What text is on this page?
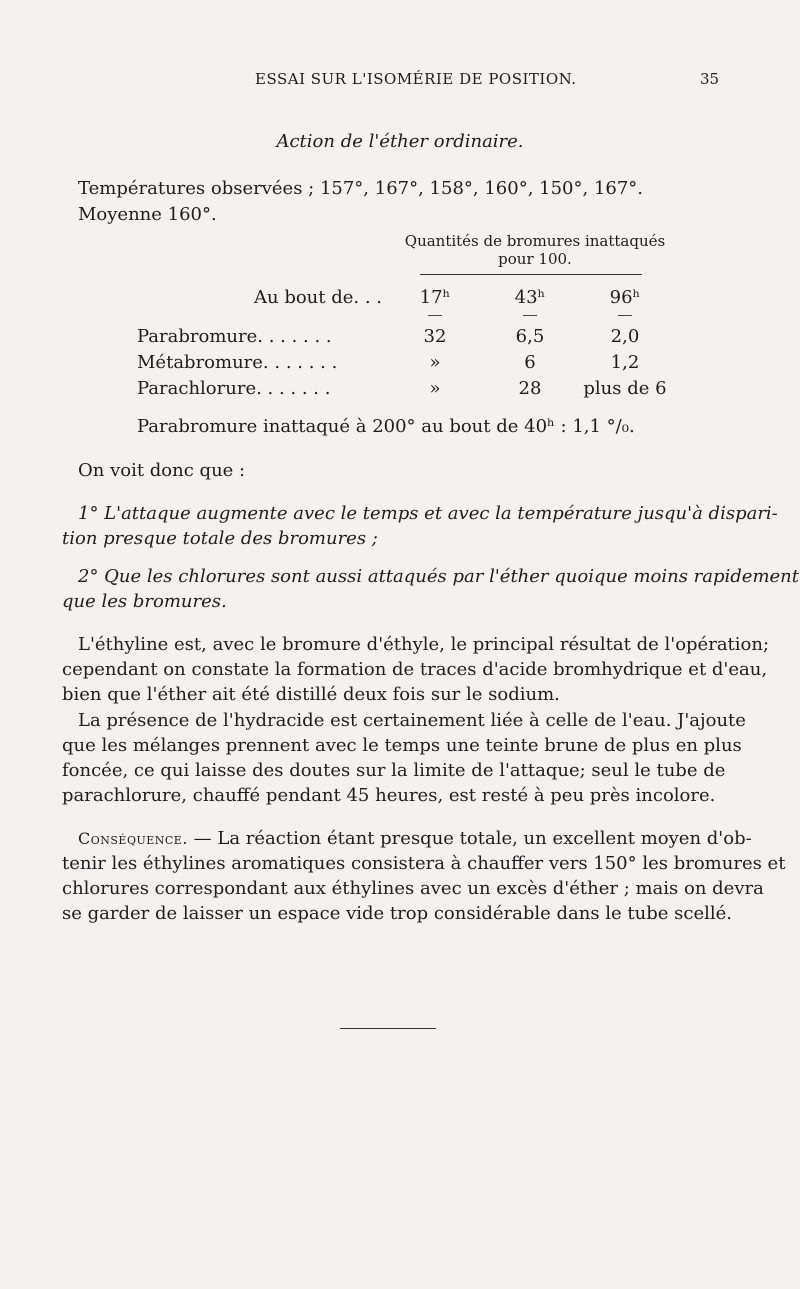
ESSAI SUR L'ISOMÉRIE DE POSITION.	35
Action de l'éther ordinaire.
Températures observées ; 157°, 167°, 158°, 160°, 150°, 167°.
Moyenne 160°.
Quantités de bromures inattaqués
pour 100.
Au bout de. . .	17ʰ	43ʰ	96ʰ
Parabromure. . . . . . .	32	6,5	2,0
Métabromure. . . . . . .	»	6	1,2
Parachlorure. . . . . . .	»	28	plus de 6
Parabromure inattaqué à 200° au bout de 40ʰ : 1,1 °/₀.
On voit donc que :
1° L'attaque augmente avec le temps et avec la température jusqu'à dispari-
tion presque totale des bromures ;
2° Que les chlorures sont aussi attaqués par l'éther quoique moins rapidement
que les bromures.
L'éthyline est, avec le bromure d'éthyle, le principal résultat de l'opération;
cependant on constate la formation de traces d'acide bromhydrique et d'eau,
bien que l'éther ait été distillé deux fois sur le sodium.
La présence de l'hydracide est certainement liée à celle de l'eau. J'ajoute
que les mélanges prennent avec le temps une teinte brune de plus en plus
foncée, ce qui laisse des doutes sur la limite de l'attaque; seul le tube de
parachlorure, chauffé pendant 45 heures, est resté à peu près incolore.
Conséquence. — La réaction étant presque totale, un excellent moyen d'ob-
tenir les éthylines aromatiques consistera à chauffer vers 150° les bromures et
chlorures correspondant aux éthylines avec un excès d'éther ; mais on devra
se garder de laisser un espace vide trop considérable dans le tube scellé.
